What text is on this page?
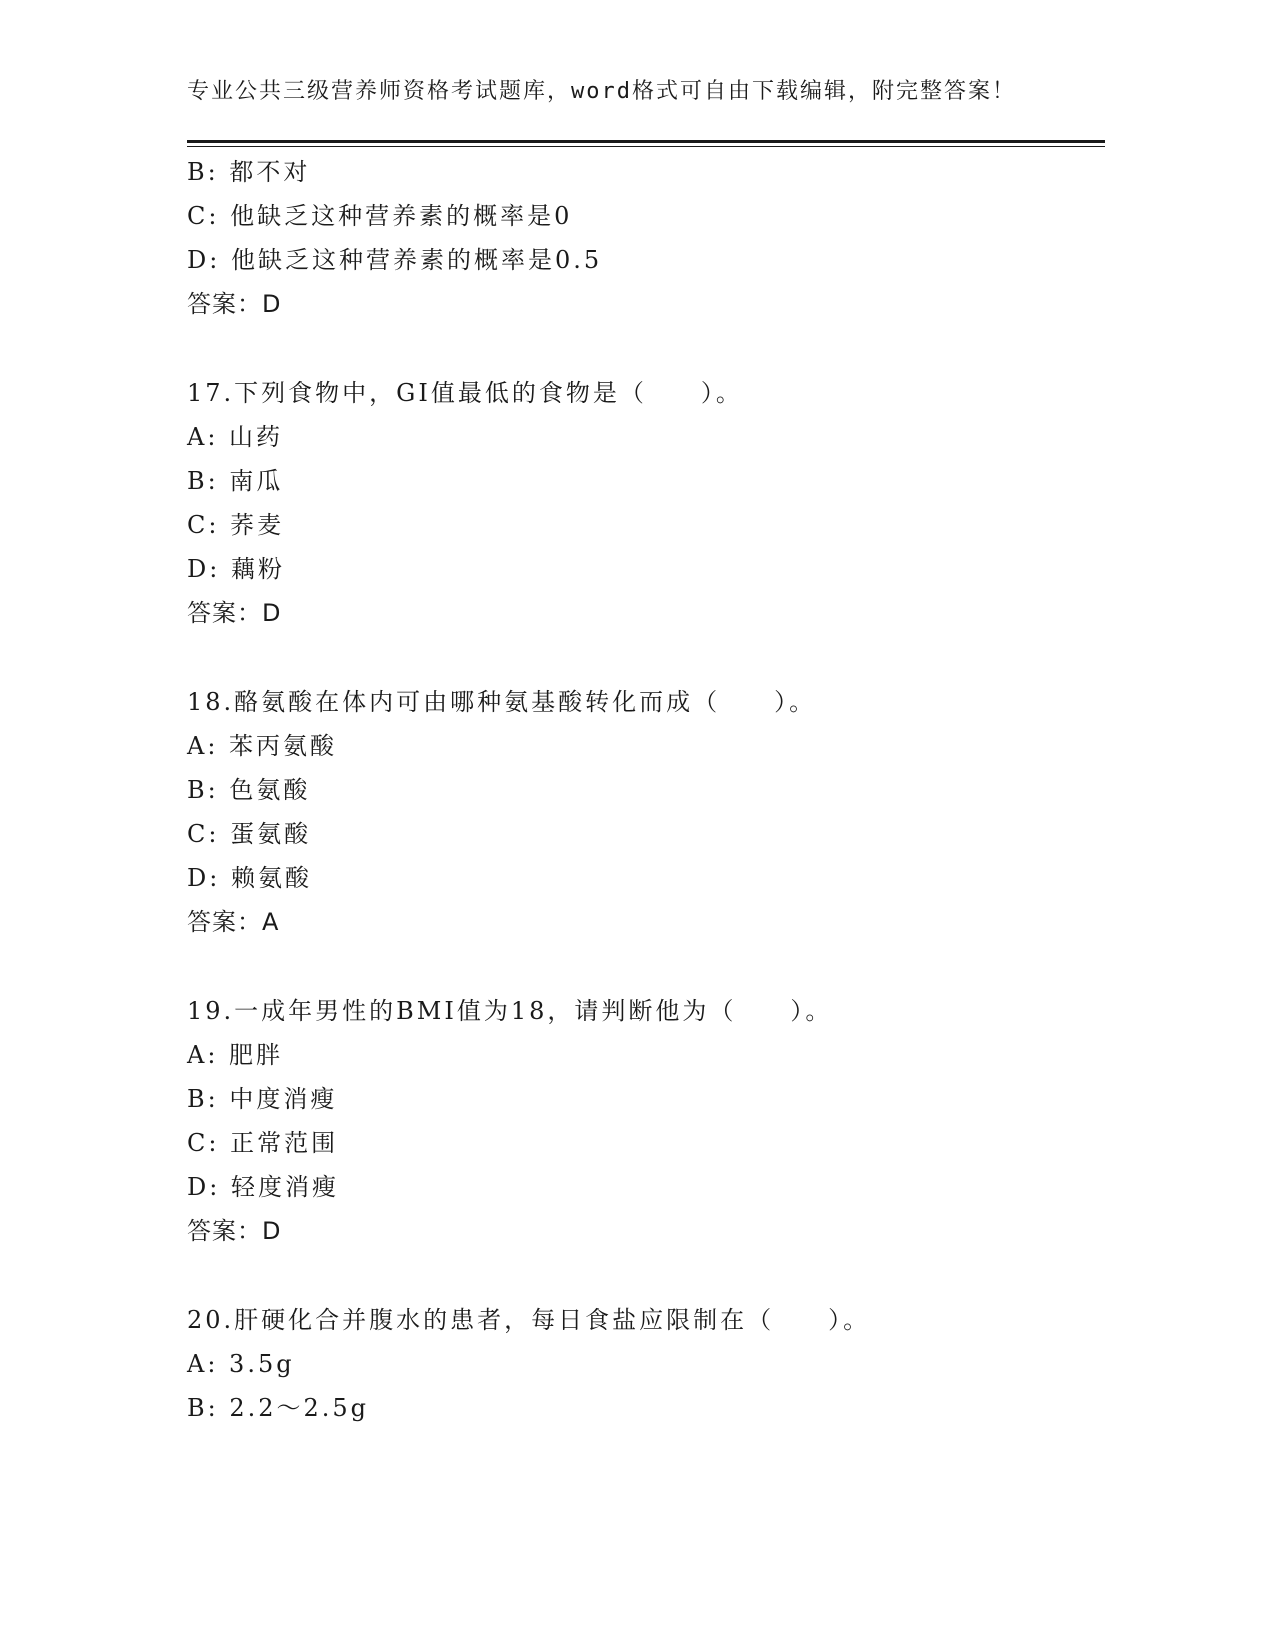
专业公共三级营养师资格考试题库，word格式可自由下载编辑，附完整答案！
B: 都不对
C: 他缺乏这种营养素的概率是0
D: 他缺乏这种营养素的概率是0.5
答案：D
17.下列食物中，GI值最低的食物是（　　）。
A: 山药
B: 南瓜
C: 荞麦
D: 藕粉
答案：D
18.酪氨酸在体内可由哪种氨基酸转化而成（　　）。
A: 苯丙氨酸
B: 色氨酸
C: 蛋氨酸
D: 赖氨酸
答案：A
19.一成年男性的BMI值为18，请判断他为（　　）。
A: 肥胖
B: 中度消瘦
C: 正常范围
D: 轻度消瘦
答案：D
20.肝硬化合并腹水的患者，每日食盐应限制在（　　）。
A: 3.5g
B: 2.2～2.5g
